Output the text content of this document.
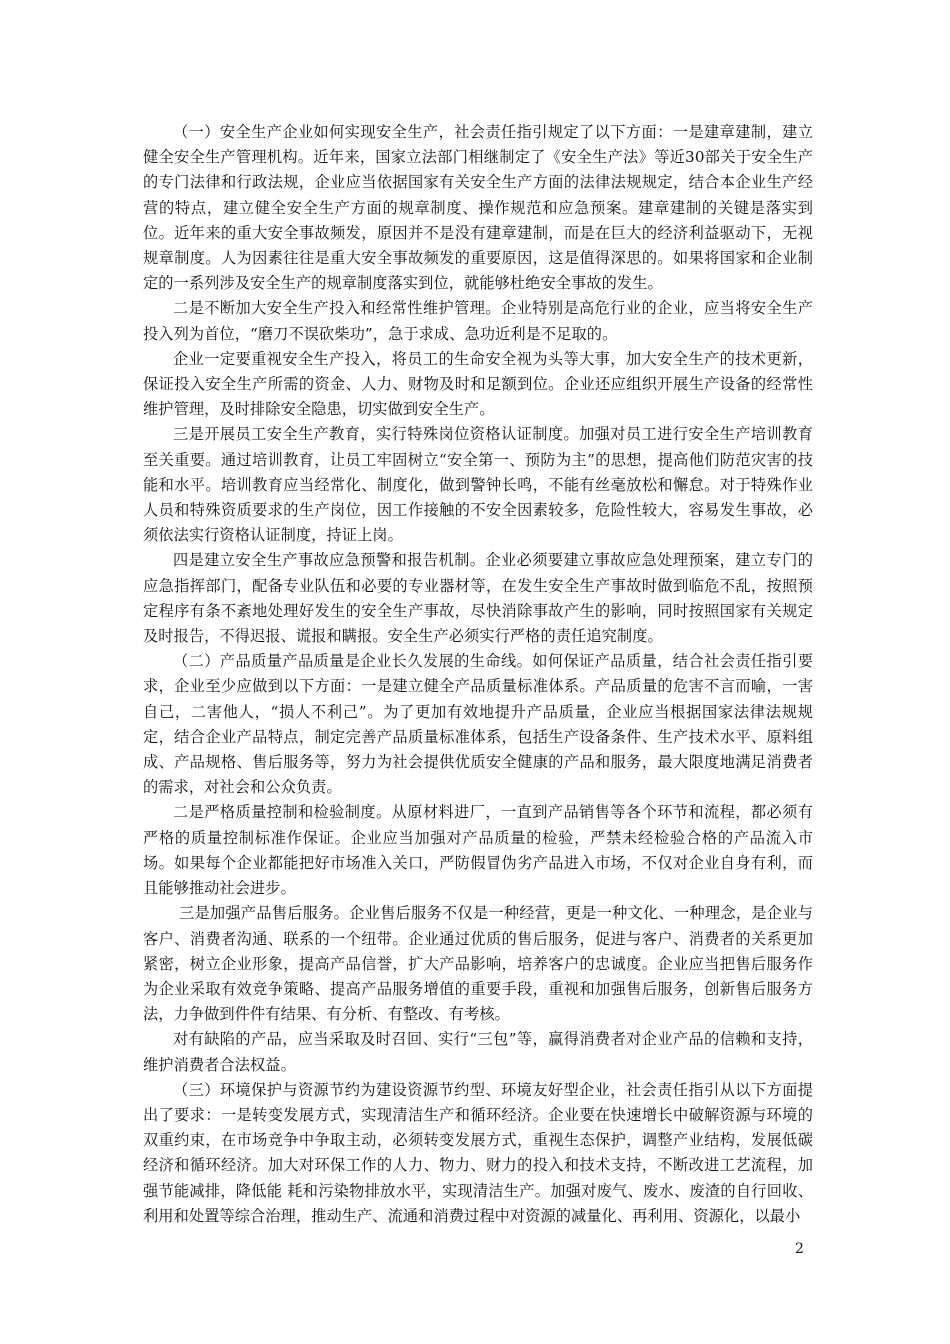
（一）安全生产企业如何实现安全生产，社会责任指引规定了以下方面：一是建章建制，建立健全安全生产管理机构。近年来，国家立法部门相继制定了《安全生产法》等近30部关于安全生产的专门法律和行政法规，企业应当依据国家有关安全生产方面的法律法规规定，结合本企业生产经营的特点，建立健全安全生产方面的规章制度、操作规范和应急预案。建章建制的关键是落实到位。近年来的重大安全事故频发，原因并不是没有建章建制，而是在巨大的经济利益驱动下，无视规章制度。人为因素往往是重大安全事故频发的重要原因，这是值得深思的。如果将国家和企业制定的一系列涉及安全生产的规章制度落实到位，就能够杜绝安全事故的发生。

二是不断加大安全生产投入和经常性维护管理。企业特别是高危行业的企业，应当将安全生产投入列为首位，“磨刀不误砍柴功”，急于求成、急功近利是不足取的。

企业一定要重视安全生产投入，将员工的生命安全视为头等大事，加大安全生产的技术更新，保证投入安全生产所需的资金、人力、财物及时和足额到位。企业还应组织开展生产设备的经常性维护管理，及时排除安全隐患，切实做到安全生产。

三是开展员工安全生产教育，实行特殊岗位资格认证制度。加强对员工进行安全生产培训教育至关重要。通过培训教育，让员工牢固树立“安全第一、预防为主”的思想，提高他们防范灾害的技能和水平。培训教育应当经常化、制度化，做到警钟长鸣，不能有丝毫放松和懈怠。对于特殊作业人员和特殊资质要求的生产岗位，因工作接触的不安全因素较多，危险性较大，容易发生事故，必须依法实行资格认证制度，持证上岗。

四是建立安全生产事故应急预警和报告机制。企业必须要建立事故应急处理预案，建立专门的应急指挥部门，配备专业队伍和必要的专业器材等，在发生安全生产事故时做到临危不乱，按照预定程序有条不紊地处理好发生的安全生产事故，尽快消除事故产生的影响，同时按照国家有关规定及时报告，不得迟报、谎报和瞒报。安全生产必须实行严格的责任追究制度。

（二）产品质量产品质量是企业长久发展的生命线。如何保证产品质量，结合社会责任指引要求，企业至少应做到以下方面：一是建立健全产品质量标准体系。产品质量的危害不言而喻，一害自己，二害他人，“损人不利己”。为了更加有效地提升产品质量，企业应当根据国家法律法规规定，结合企业产品特点，制定完善产品质量标准体系，包括生产设备条件、生产技术水平、原料组成、产品规格、售后服务等，努力为社会提供优质安全健康的产品和服务，最大限度地满足消费者的需求，对社会和公众负责。

二是严格质量控制和检验制度。从原材料进厂，一直到产品销售等各个环节和流程，都必须有严格的质量控制标准作保证。企业应当加强对产品质量的检验，严禁未经检验合格的产品流入市场。如果每个企业都能把好市场准入关口，严防假冒伪劣产品进入市场，不仅对企业自身有利，而且能够推动社会进步。

三是加强产品售后服务。企业售后服务不仅是一种经营，更是一种文化、一种理念，是企业与客户、消费者沟通、联系的一个纽带。企业通过优质的售后服务，促进与客户、消费者的关系更加紧密，树立企业形象，提高产品信誉，扩大产品影响，培养客户的忠诚度。企业应当把售后服务作为企业采取有效竞争策略、提高产品服务增值的重要手段，重视和加强售后服务，创新售后服务方法，力争做到件件有结果、有分析、有整改、有考核。

对有缺陷的产品，应当采取及时召回、实行“三包”等，赢得消费者对企业产品的信赖和支持，维护消费者合法权益。

（三）环境保护与资源节约为建设资源节约型、环境友好型企业，社会责任指引从以下方面提出了要求：一是转变发展方式，实现清洁生产和循环经济。企业要在快速增长中破解资源与环境的双重约束，在市场竞争中争取主动，必须转变发展方式，重视生态保护，调整产业结构，发展低碳经济和循环经济。加大对环保工作的人力、物力、财力的投入和技术支持，不断改进工艺流程，加强节能减排，降低能 耗和污染物排放水平，实现清洁生产。加强对废气、废水、废渣的自行回收、利用和处置等综合治理，推动生产、流通和消费过程中对资源的减量化、再利用、资源化，以最小

2
